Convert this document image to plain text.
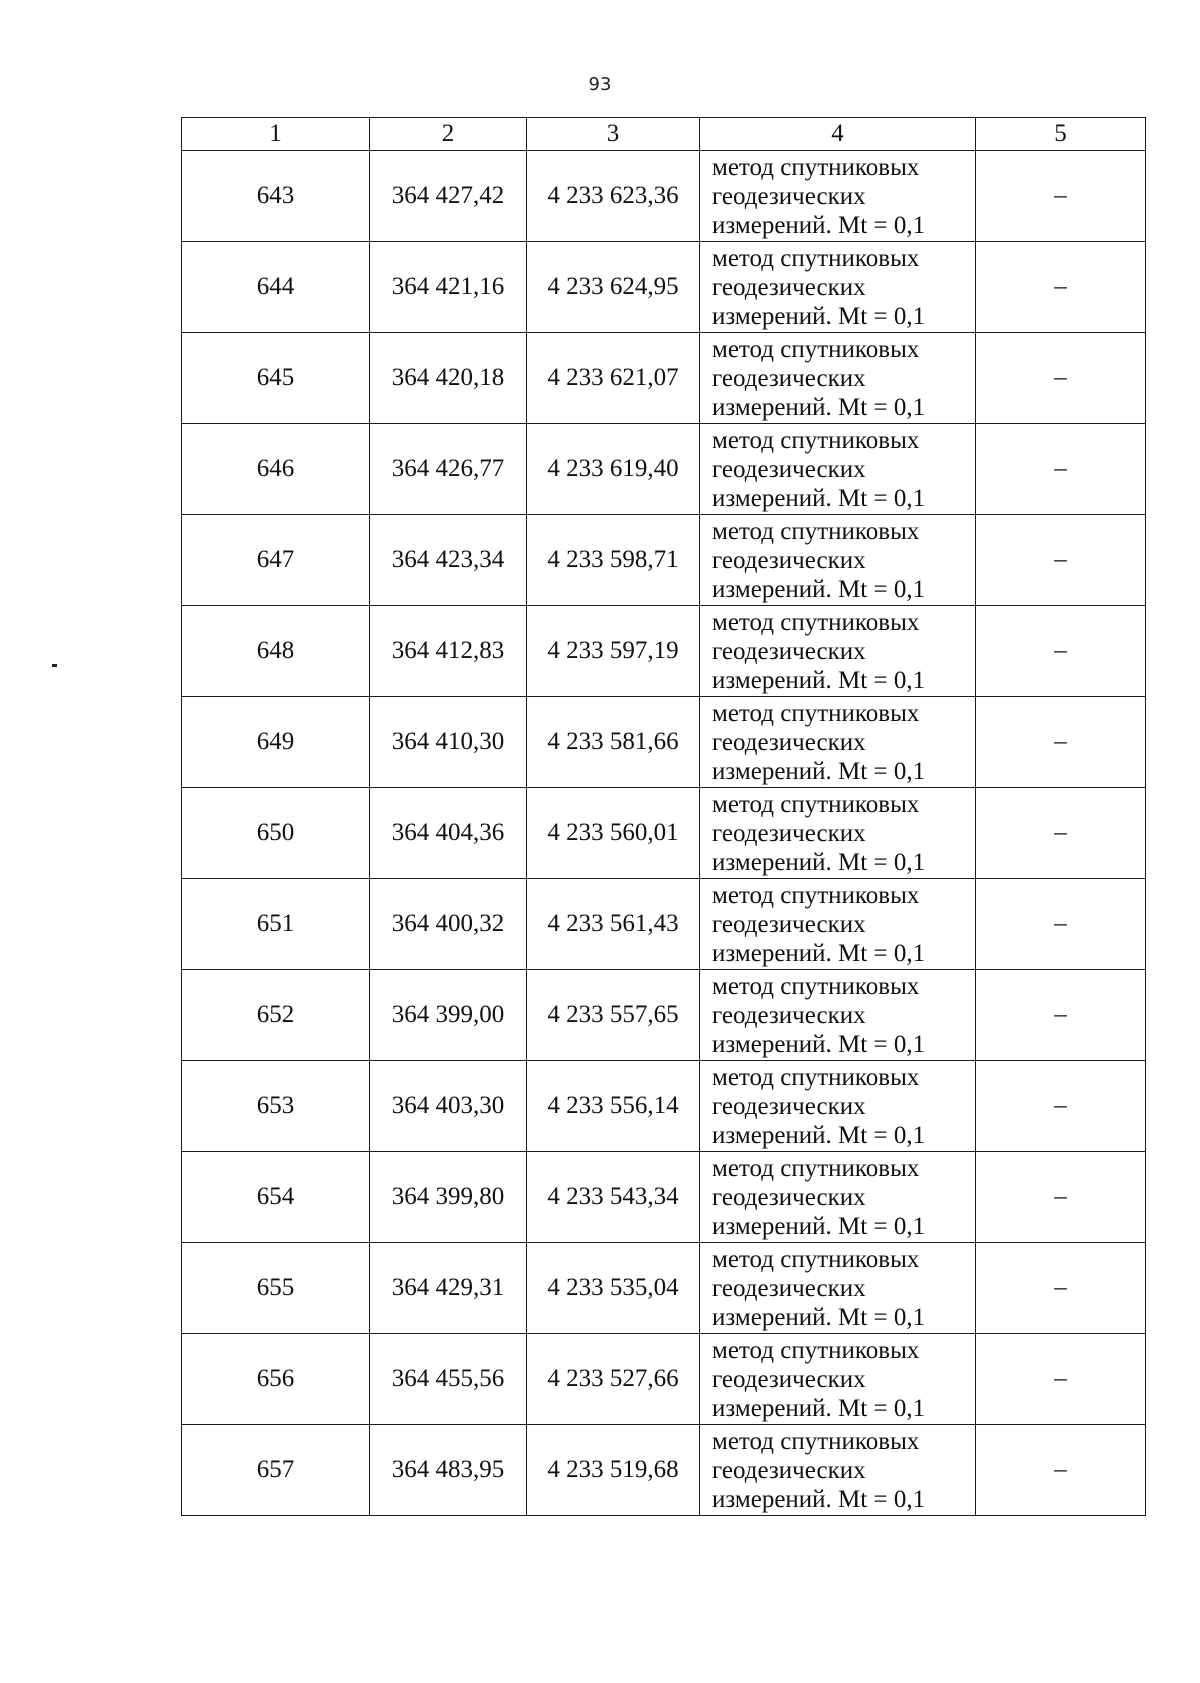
93
1	2	3	4	5
643	364 427,42	4 233 623,36	метод спутниковых
геодезических
измерений. Mt = 0,1	–
644	364 421,16	4 233 624,95	метод спутниковых
геодезических
измерений. Mt = 0,1	–
645	364 420,18	4 233 621,07	метод спутниковых
геодезических
измерений. Mt = 0,1	–
646	364 426,77	4 233 619,40	метод спутниковых
геодезических
измерений. Mt = 0,1	–
647	364 423,34	4 233 598,71	метод спутниковых
геодезических
измерений. Mt = 0,1	–
648	364 412,83	4 233 597,19	метод спутниковых
геодезических
измерений. Mt = 0,1	–
649	364 410,30	4 233 581,66	метод спутниковых
геодезических
измерений. Mt = 0,1	–
650	364 404,36	4 233 560,01	метод спутниковых
геодезических
измерений. Mt = 0,1	–
651	364 400,32	4 233 561,43	метод спутниковых
геодезических
измерений. Mt = 0,1	–
652	364 399,00	4 233 557,65	метод спутниковых
геодезических
измерений. Mt = 0,1	–
653	364 403,30	4 233 556,14	метод спутниковых
геодезических
измерений. Mt = 0,1	–
654	364 399,80	4 233 543,34	метод спутниковых
геодезических
измерений. Mt = 0,1	–
655	364 429,31	4 233 535,04	метод спутниковых
геодезических
измерений. Mt = 0,1	–
656	364 455,56	4 233 527,66	метод спутниковых
геодезических
измерений. Mt = 0,1	–
657	364 483,95	4 233 519,68	метод спутниковых
геодезических
измерений. Mt = 0,1	–
